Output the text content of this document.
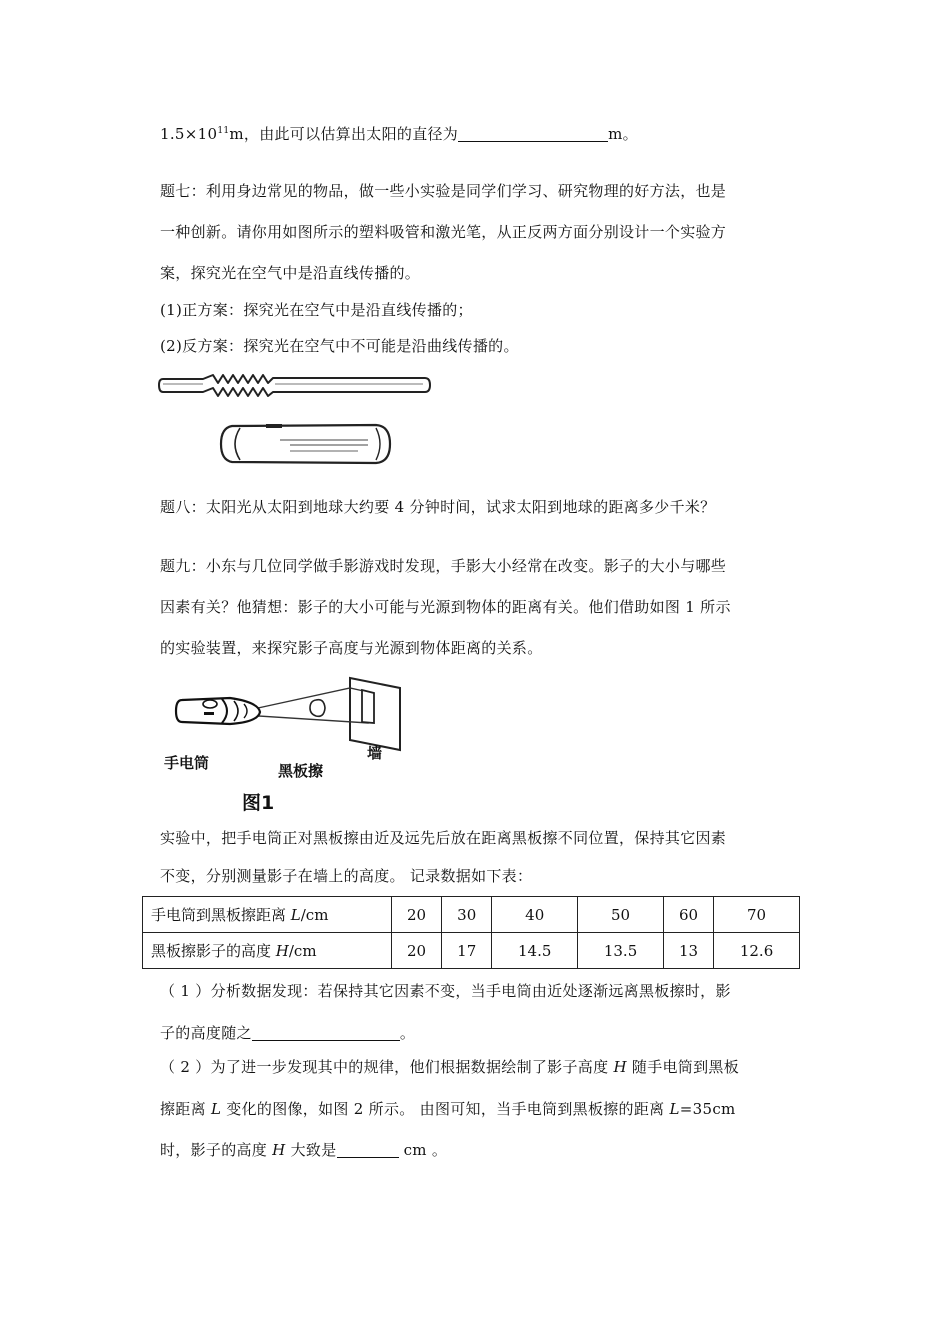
$1.5\times 10^{11}m$，由此可以估算出太阳的直径为	m。
题七：利用身边常见的物品，做一些小实验是同学们学习、研究物理的好方法，也是
一种创新。请你用如图所示的塑料吸管和激光笔，从正反两方面分别设计一个实验方
案，探究光在空气中是沿直线传播的。
(1)正方案：探究光在空气中是沿直线传播的；
(2)反方案：探究光在空气中不可能是沿曲线传播的。
题八：太阳光从太阳到地球大约要 4 分钟时间，试求太阳到地球的距离多少千米？
题九：小东与几位同学做手影游戏时发现，手影大小经常在改变。影子的大小与哪些
因素有关？他猜想：影子的大小可能与光源到物体的距离有关。他们借助如图 1 所示
的实验装置，来探究影子高度与光源到物体距离的关系。
手电筒	黑板擦
墙
图1
实验中，把手电筒正对黑板擦由近及远先后放在距离黑板擦不同位置，保持其它因素
不变，分别测量影子在墙上的高度。 记录数据如下表：
手电筒到黑板擦距离 L/cm	20	30	40	50	60	70
黑板擦影子的高度 H/cm	20	17	14.5	13.5	13	12.6
（ 1 ）分析数据发现：若保持其它因素不变，当手电筒由近处逐渐远离黑板擦时，影
子的高度随之	。
（ 2 ）为了进一步发现其中的规律，他们根据数据绘制了影子高度 H 随手电筒到黑板
擦距离 L 变化的图像，如图 2 所示。 由图可知，当手电筒到黑板擦的距离 L=35cm
时，影子的高度 H 大致是	cm 。
